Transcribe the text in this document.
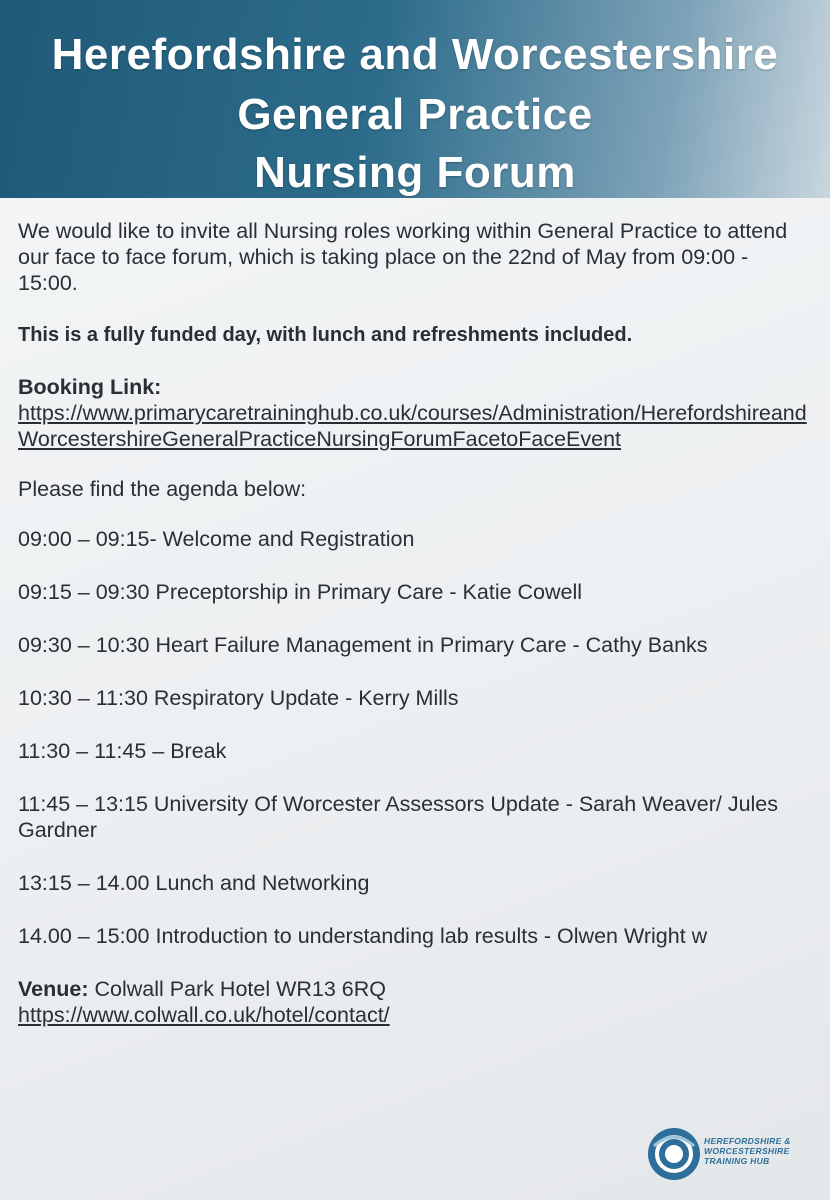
Herefordshire and Worcestershire
General Practice
Nursing Forum

We would like to invite all Nursing roles working within General Practice to attend our face to face forum, which is taking place on the 22nd of May from 09:00 - 15:00.

This is a fully funded day, with lunch and refreshments included.

Booking Link:
https://www.primarycaretraininghub.co.uk/courses/Administration/HerefordshireandWorcestershireGeneralPracticeNursingForumFacetoFaceEvent

Please find the agenda below:

09:00 – 09:15- Welcome and Registration

09:15 – 09:30 Preceptorship in Primary Care - Katie Cowell

09:30 – 10:30 Heart Failure Management in Primary Care - Cathy Banks

10:30 – 11:30 Respiratory Update - Kerry Mills

11:30 – 11:45 – Break

11:45 – 13:15 University Of Worcester Assessors Update - Sarah Weaver/ Jules Gardner

13:15 – 14.00 Lunch and Networking

14.00 – 15:00 Introduction to understanding lab results - Olwen Wright w

Venue: Colwall Park Hotel WR13 6RQ
https://www.colwall.co.uk/hotel/contact/
HEREFORDSHIRE &
WORCESTERSHIRE
TRAINING HUB
